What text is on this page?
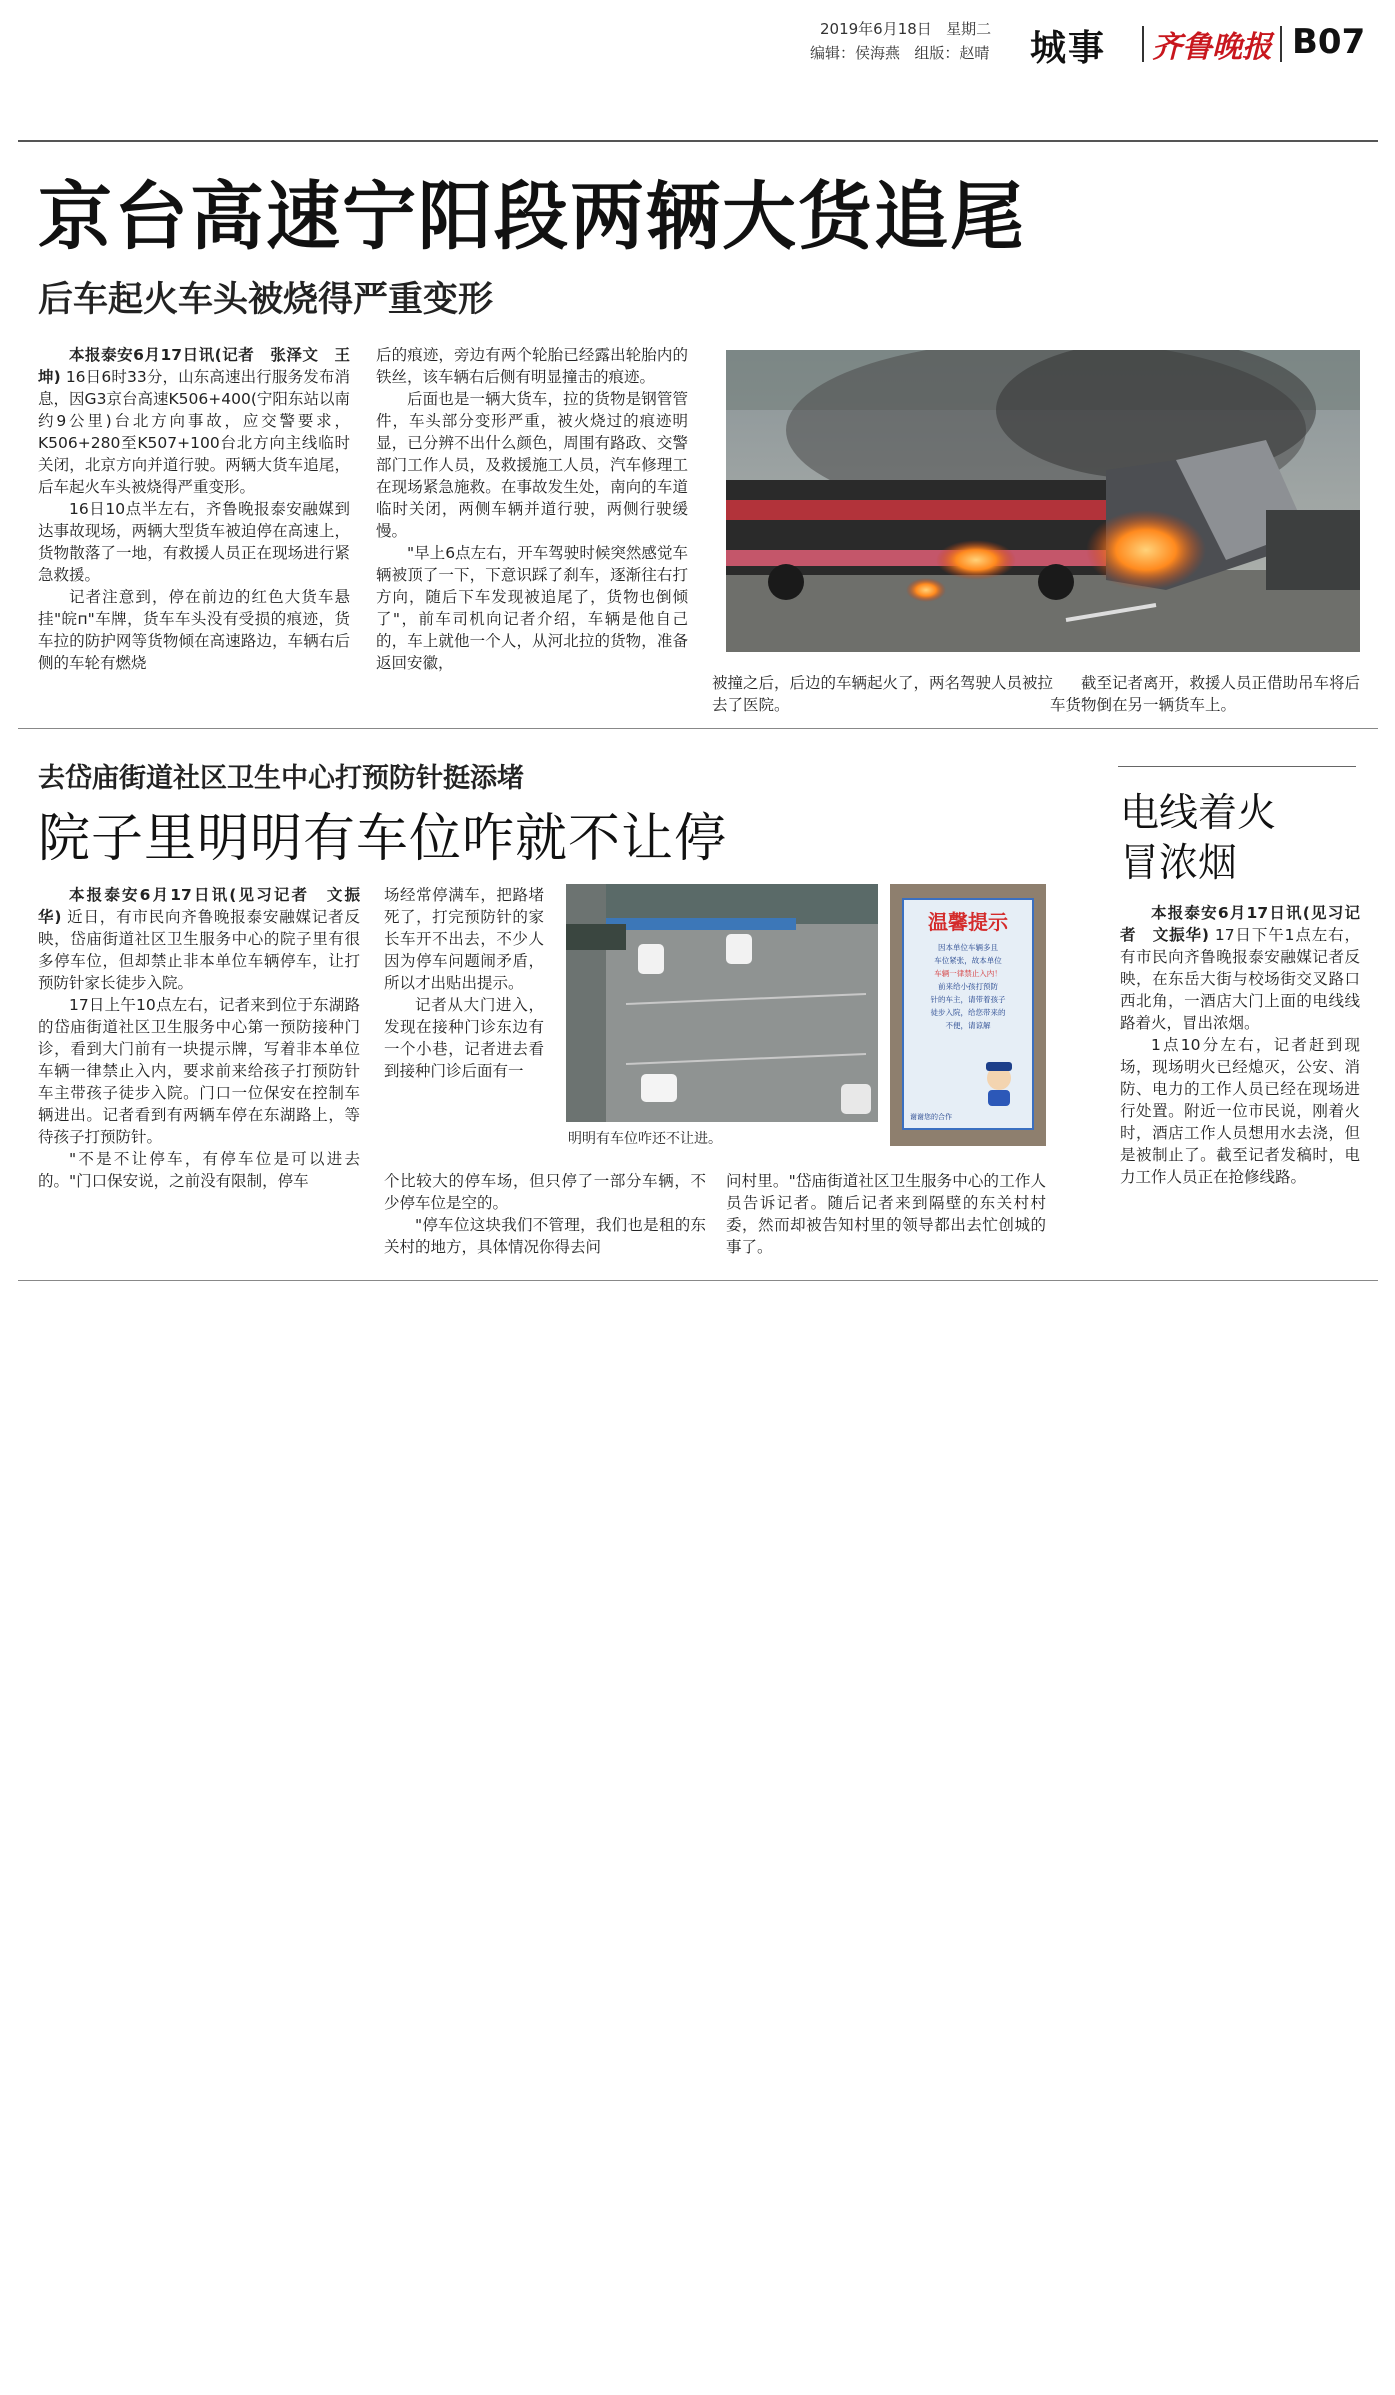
2019年6月18日 星期二
编辑：侯海燕 组版：赵晴 城事 齐鲁晚报 B07
京台高速宁阳段两辆大货追尾
后车起火车头被烧得严重变形

本报泰安6月17日讯(记者　张泽文　王坤) 16日6时33分，山东高速出行服务发布消息，因G3京台高速K506+400(宁阳东站以南约9公里)台北方向事故，应交警要求，K506+280至K507+100台北方向主线临时关闭，北京方向并道行驶。两辆大货车追尾，后车起火车头被烧得严重变形。

16日10点半左右，齐鲁晚报泰安融媒到达事故现场，两辆大型货车被迫停在高速上，货物散落了一地，有救援人员正在现场进行紧急救援。

记者注意到，停在前边的红色大货车悬挂"皖п"车牌，货车车头没有受损的痕迹，货车拉的防护网等货物倾在高速路边，车辆右后侧的车轮有燃烧

后的痕迹，旁边有两个轮胎已经露出轮胎内的铁丝，该车辆右后侧有明显撞击的痕迹。

后面也是一辆大货车，拉的货物是钢管管件，车头部分变形严重，被火烧过的痕迹明显，已分辨不出什么颜色，周围有路政、交警部门工作人员，及救援施工人员，汽车修理工在现场紧急施救。在事故发生处，南向的车道临时关闭，两侧车辆并道行驶，两侧行驶缓慢。

"早上6点左右，开车驾驶时候突然感觉车辆被顶了一下，下意识踩了刹车，逐渐往右打方向，随后下车发现被追尾了，货物也倒倾了"，前车司机向记者介绍，车辆是他自己的，车上就他一个人，从河北拉的货物，准备返回安徽，

被撞之后，后边的车辆起火了，两名驾驶人员被拉去了医院。
截至记者离开，救援人员正借助吊车将后车货物倒在另一辆货车上。
去岱庙街道社区卫生中心打预防针挺添堵
院子里明明有车位咋就不让停

本报泰安6月17日讯(见习记者　文振华) 近日，有市民向齐鲁晚报泰安融媒记者反映，岱庙街道社区卫生服务中心的院子里有很多停车位，但却禁止非本单位车辆停车，让打预防针家长徒步入院。

17日上午10点左右，记者来到位于东湖路的岱庙街道社区卫生服务中心第一预防接种门诊，看到大门前有一块提示牌，写着非本单位车辆一律禁止入内，要求前来给孩子打预防针车主带孩子徒步入院。门口一位保安在控制车辆进出。记者看到有两辆车停在东湖路上，等待孩子打预防针。

"不是不让停车，有停车位是可以进去的。"门口保安说，之前没有限制，停车

场经常停满车，把路堵死了，打完预防针的家长车开不出去，不少人因为停车问题闹矛盾，所以才出贴出提示。

记者从大门进入，发现在接种门诊东边有一个小巷，记者进去看到接种门诊后面有一

个比较大的停车场，但只停了一部分车辆，不少停车位是空的。

"停车位这块我们不管理，我们也是租的东关村的地方，具体情况你得去问

问村里。"岱庙街道社区卫生服务中心的工作人员告诉记者。随后记者来到隔壁的东关村村委，然而却被告知村里的领导都出去忙创城的事了。

明明有车位咋还不让进。
温馨提示
因本单位车辆多且
车位紧张，故本单位
车辆一律禁止入内！
前来给小孩打预防
针的车主，请带着孩子
徒步入院，给您带来的
不便，请谅解
谢谢您的合作
电线着火
冒浓烟

本报泰安6月17日讯(见习记者　文振华) 17日下午1点左右，有市民向齐鲁晚报泰安融媒记者反映，在东岳大街与校场街交叉路口西北角，一酒店大门上面的电线线路着火，冒出浓烟。

1点10分左右，记者赶到现场，现场明火已经熄灭，公安、消防、电力的工作人员已经在现场进行处置。附近一位市民说，刚着火时，酒店工作人员想用水去浇，但是被制止了。截至记者发稿时，电力工作人员正在抢修线路。
